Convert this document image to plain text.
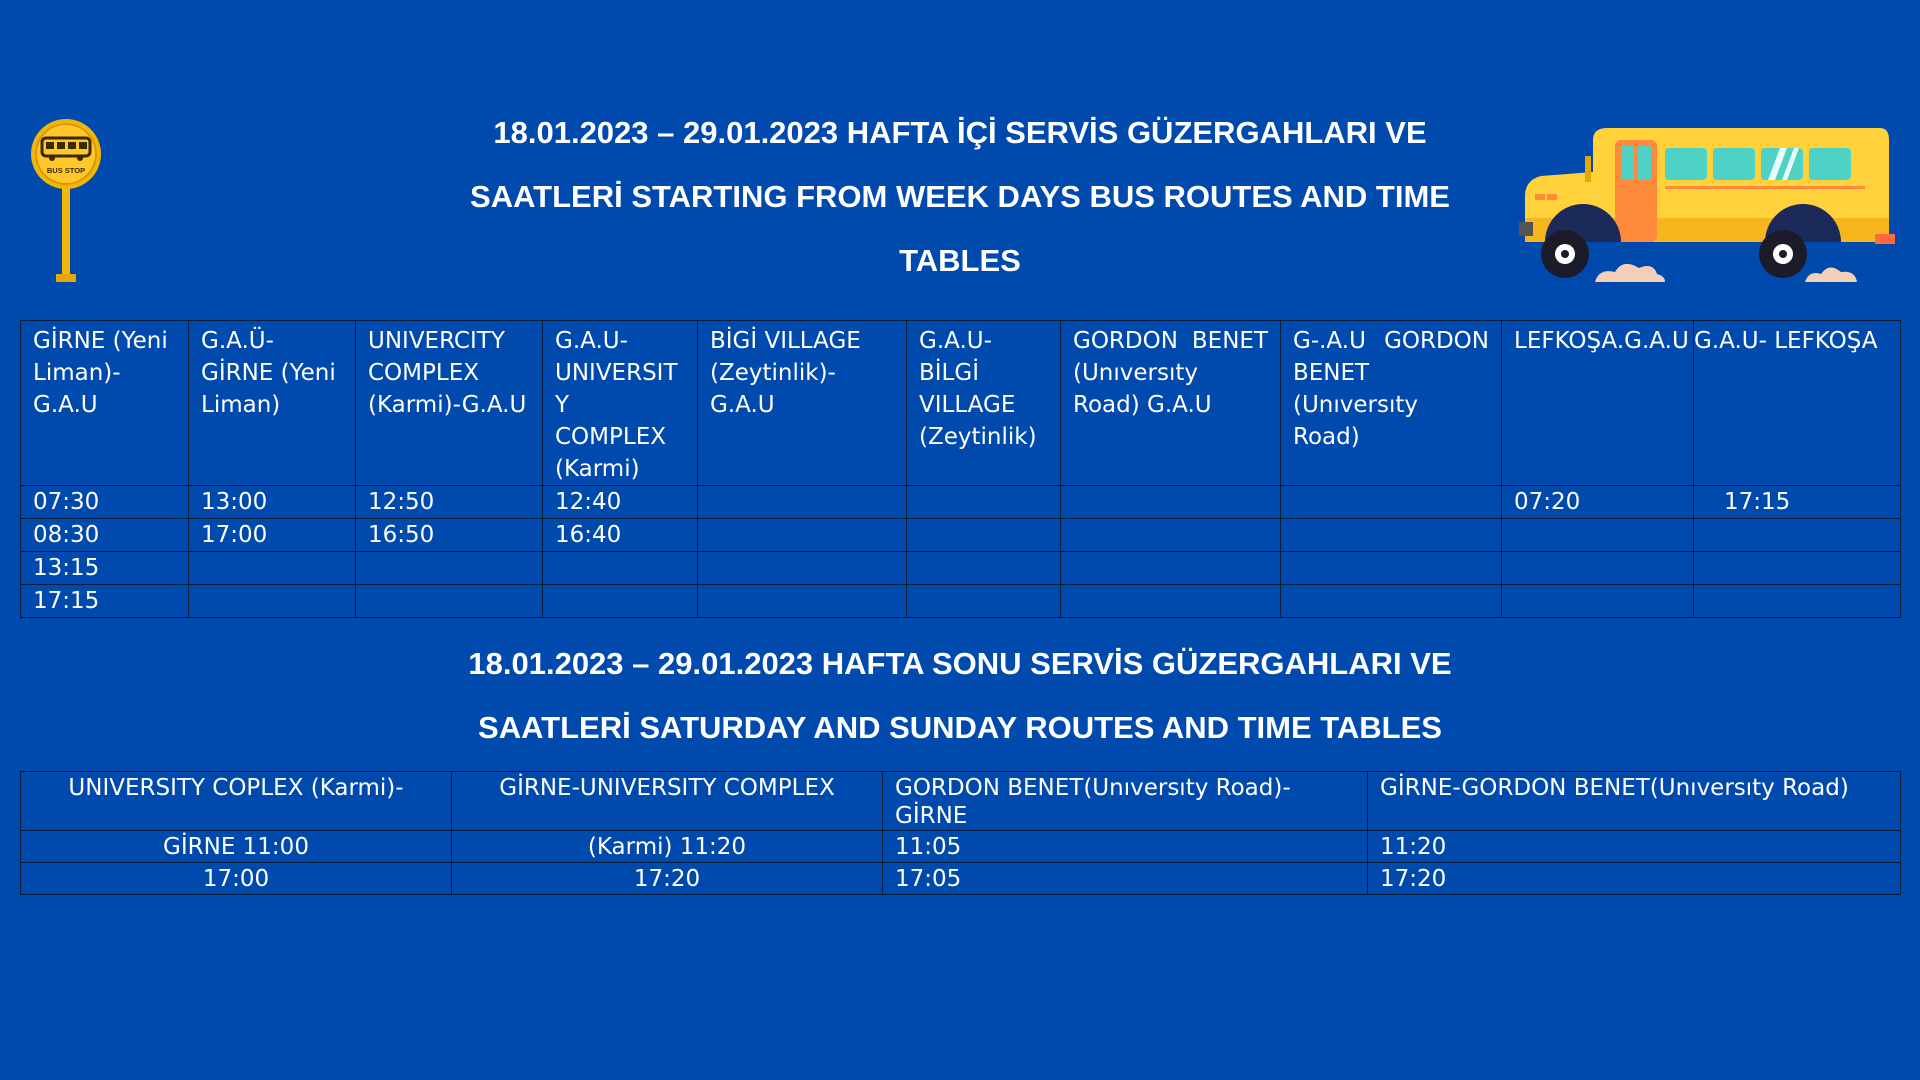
BUS STOP
18.01.2023 – 29.01.2023 HAFTA İÇİ SERVİS GÜZERGAHLARI VE
SAATLERİ STARTING FROM WEEK DAYS BUS ROUTES AND TIME
TABLES
GİRNE (Yeni Liman)- G.A.U	G.A.Ü-GİRNE (Yeni Liman)	UNIVERCITY COMPLEX (Karmi)-G.A.U	G.A.U- UNIVERSIT Y COMPLEX (Karmi)	BİGİ VILLAGE (Zeytinlik)-G.A.U	G.A.U-BİLGİ VILLAGE (Zeytinlik)	GORDON BENET (Unıversıty Road) G.A.U	G-.A.U GORDON BENET (Unıversıty Road)	LEFKOŞA.G.A.U	G.A.U- LEFKOŞA
07:30	13:00	12:50	12:40					07:20	17:15
08:30	17:00	16:50	16:40						
13:15									
17:15									
18.01.2023 – 29.01.2023 HAFTA SONU SERVİS GÜZERGAHLARI VE
SAATLERİ SATURDAY AND SUNDAY ROUTES AND TIME TABLES
UNIVERSITY COPLEX (Karmi)-	GİRNE-UNIVERSITY COMPLEX	GORDON BENET(Unıversıty Road)-GİRNE	GİRNE-GORDON BENET(Unıversıty Road)
GİRNE 11:00	(Karmi) 11:20	11:05	11:20
17:00	17:20	17:05	17:20
